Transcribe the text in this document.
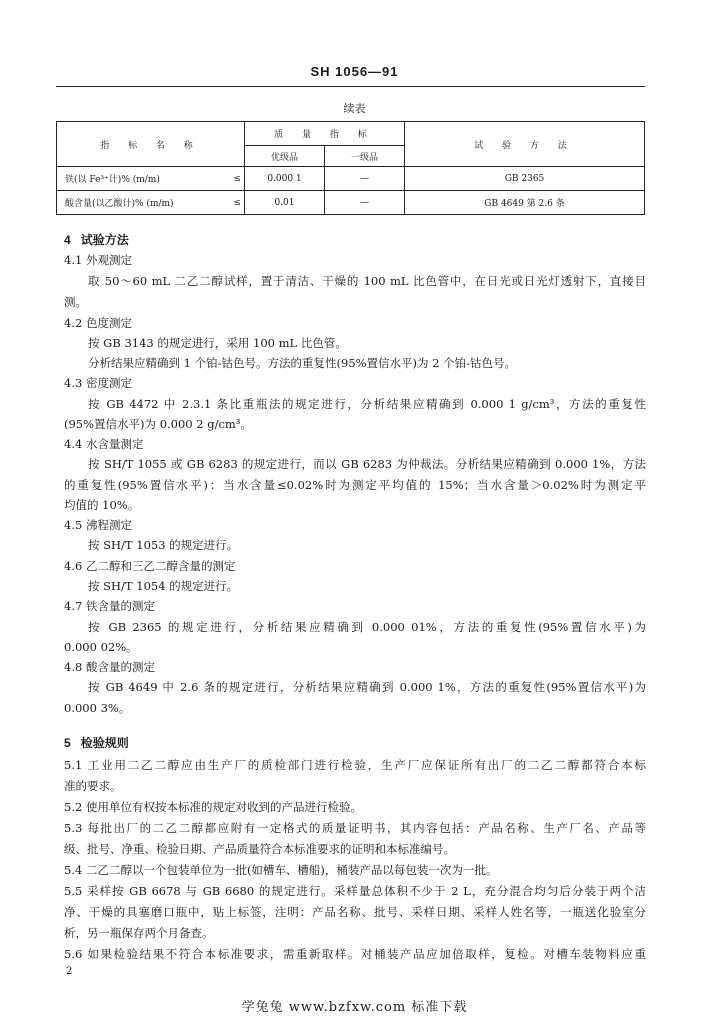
SH 1056—91
续表
指 标 名 称	质 量 指 标		试 验 方 法
	优级品	一级品	

铁(以 Fe³⁺计)% (m/m) ≤	0.000 1	—	GB 2365

酸含量(以乙酸计)% (m/m) ≤	0.01	—	GB 4649 第 2.6 条
4 试验方法
4.1 外观测定
取 50～60 mL 二乙二醇试样，置于清洁、干燥的 100 mL 比色管中，在日光或日光灯透射下，直接目
测。
4.2 色度测定
按 GB 3143 的规定进行，采用 100 mL 比色管。
分析结果应精确到 1 个铂-钴色号。方法的重复性(95%置信水平)为 2 个铂-钴色号。
4.3 密度测定
按 GB 4472 中 2.3.1 条比重瓶法的规定进行，分析结果应精确到 0.000 1 g/cm³，方法的重复性
(95%置信水平)为 0.000 2 g/cm³。
4.4 水含量测定
按 SH/T 1055 或 GB 6283 的规定进行，而以 GB 6283 为仲裁法。分析结果应精确到 0.000 1%，方法
的重复性(95%置信水平)：当水含量≤0.02%时为测定平均值的 15%；当水含量＞0.02%时为测定平
均值的 10%。
4.5 沸程测定
按 SH/T 1053 的规定进行。
4.6 乙二醇和三乙二醇含量的测定
按 SH/T 1054 的规定进行。
4.7 铁含量的测定
按 GB 2365 的规定进行，分析结果应精确到 0.000 01%，方法的重复性(95%置信水平)为
0.000 02%。
4.8 酸含量的测定
按 GB 4649 中 2.6 条的规定进行，分析结果应精确到 0.000 1%，方法的重复性(95%置信水平)为
0.000 3%。
5 检验规则
5.1 工业用二乙二醇应由生产厂的质检部门进行检验，生产厂应保证所有出厂的二乙二醇都符合本标
准的要求。
5.2 使用单位有权按本标准的规定对收到的产品进行检验。
5.3 每批出厂的二乙二醇都应附有一定格式的质量证明书，其内容包括：产品名称、生产厂名、产品等
级、批号、净重、检验日期、产品质量符合本标准要求的证明和本标准编号。
5.4 二乙二醇以一个包装单位为一批(如槽车、槽船)，桶装产品以每包装一次为一批。
5.5 采样按 GB 6678 与 GB 6680 的规定进行。采样量总体积不少于 2 L，充分混合均匀后分装于两个洁
净、干燥的具塞磨口瓶中，贴上标签，注明：产品名称、批号、采样日期、采样人姓名等，一瓶送化验室分
析，另一瓶保存两个月备查。
5.6 如果检验结果不符合本标准要求，需重新取样。对桶装产品应加倍取样，复检。对槽车装物料应重
2
学兔兔 www.bzfxw.com 标准下载
